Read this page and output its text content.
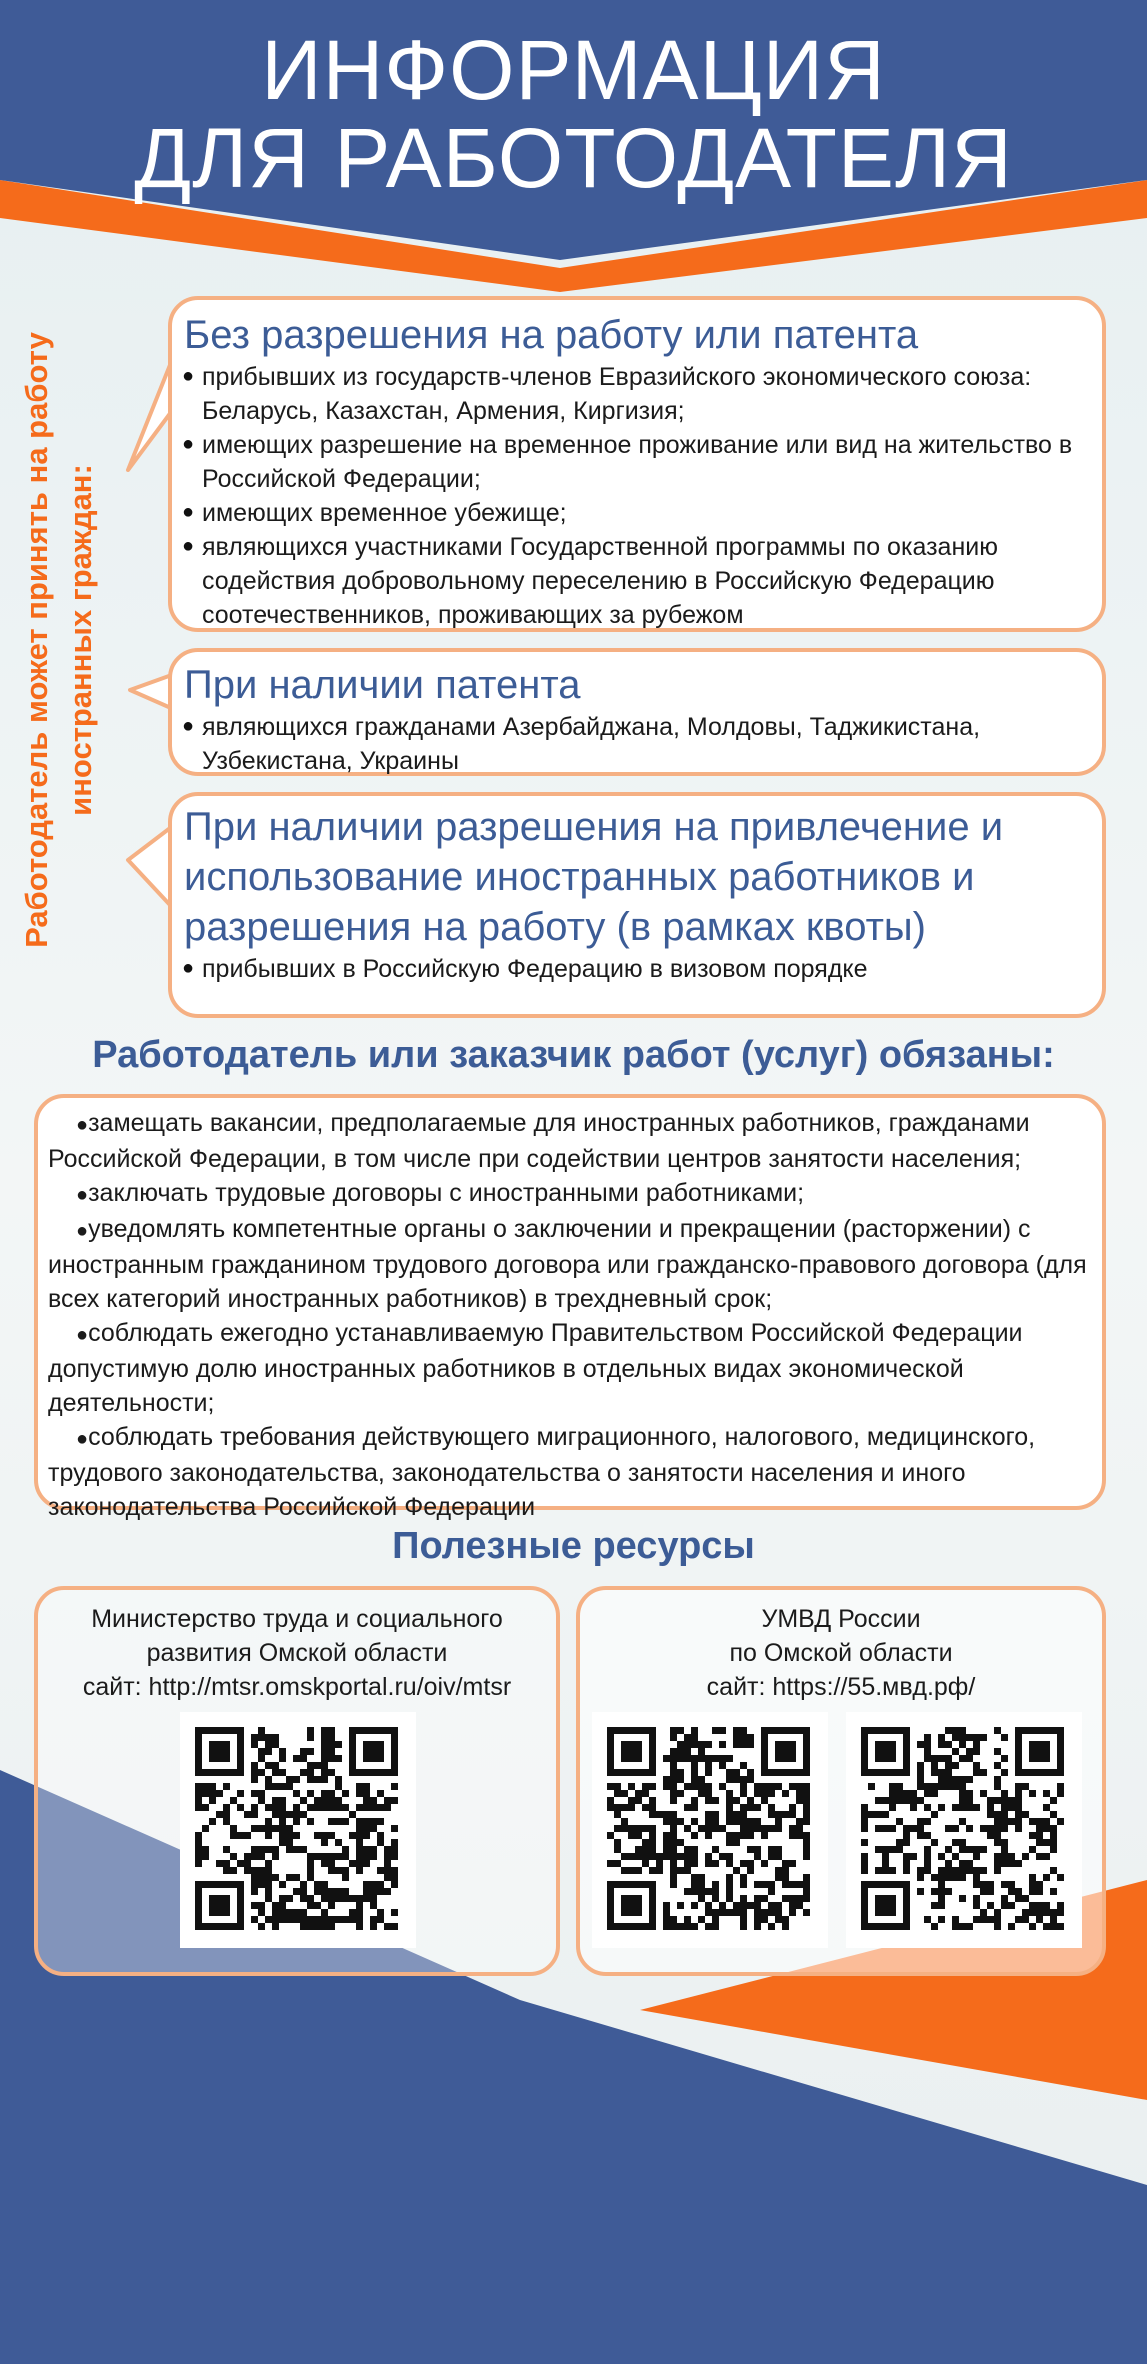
ИНФОРМАЦИЯ
ДЛЯ РАБОТОДАТЕЛЯ
Работодатель может принять на работу иностранных граждан:
Без разрешения на работу или патента
● прибывших из государств-членов Евразийского экономического союза: Беларусь, Казахстан, Армения, Киргизия;
● имеющих разрешение на временное проживание или вид на жительство в Российской Федерации;
● имеющих временное убежище;
● являющихся участниками Государственной программы по оказанию содействия добровольному переселению в Российскую Федерацию соотечественников, проживающих за рубежом
При наличии патента
● являющихся гражданами Азербайджана, Молдовы, Таджикистана, Узбекистана, Украины
При наличии разрешения на привлечение и использование иностранных работников и разрешения на работу (в рамках квоты)
● прибывших в Российскую Федерацию в визовом порядке
Работодатель или заказчик работ (услуг) обязаны:
●замещать вакансии, предполагаемые для иностранных работников, гражданами Российской Федерации, в том числе при содействии центров занятости населения;
●заключать трудовые договоры с иностранными работниками;
●уведомлять компетентные органы о заключении и прекращении (расторжении) с иностранным гражданином трудового договора или гражданско-правового договора (для всех категорий иностранных работников) в трехдневный срок;
●соблюдать ежегодно устанавливаемую Правительством Российской Федерации допустимую долю иностранных работников в отдельных видах экономической деятельности;
●соблюдать требования действующего миграционного, налогового, медицинского, трудового законодательства, законодательства о занятости населения и иного законодательства Российской Федерации
Полезные ресурсы
Министерство труда и социального
развития Омской области
сайт: http://mtsr.omskportal.ru/oiv/mtsr
УМВД России
по Омской области
сайт: https://55.мвд.рф/
